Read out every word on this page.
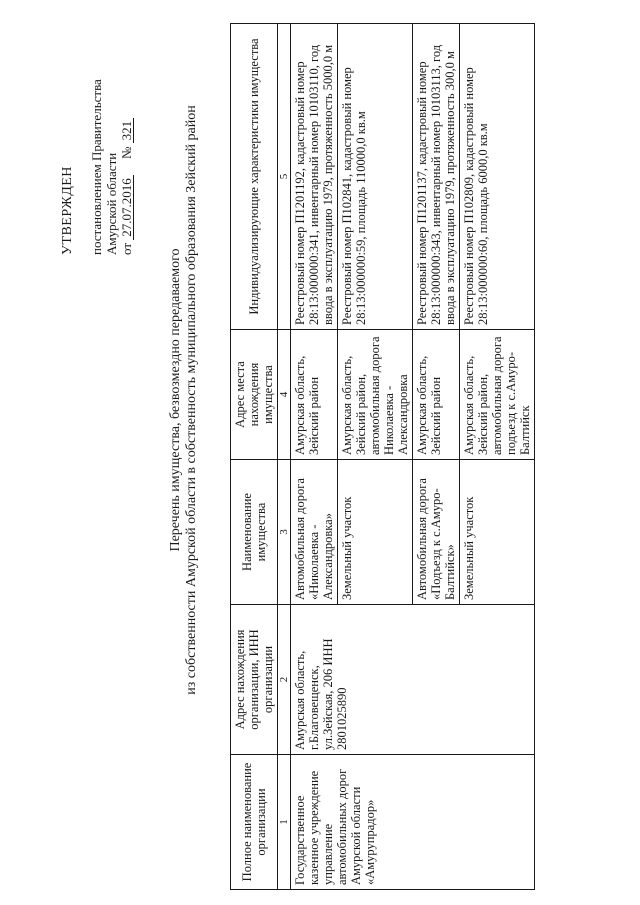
УТВЕРЖДЕН постановлением Правительства Амурской области от 27.07.2016     № 321
Перечень имущества, безвозмездно передаваемого из собственности Амурской области в собственность муниципального образования Зейский район
Полное наименование организации	Адрес нахождения организации, ИНН организации	Наименование имущества	Адрес места нахождения имущества	Индивидуализирующие характеристики имущества
1	2	3	4	5
Государственное казенное учреждение управление автомобильных дорог Амурской области «Амурупрадор»	Амурская область, г.Благовещенск, ул.Зейская, 206 ИНН 2801025890	Автомобильная дорога «Николаевка - Александровка»	Амурская область, Зейский район	Реестровый номер П1201192, кадастровый номер 28:13:000000:341, инвентарный номер 10103110, год ввода в эксплуатацию 1979, протяженность 5000,0 м
		Земельный участок	Амурская область, Зейский район, автомобильная дорога Николаевка - Александровка	Реестровый номер П102841, кадастровый номер 28:13:000000:59, площадь 110000,0 кв.м
		Автомобильная дорога «Подъезд к с.Амуро-Балтийск»	Амурская область, Зейский район	Реестровый номер П1201137, кадастровый номер 28:13:000000:343, инвентарный номер 10103113, год ввода в эксплуатацию 1979, протяженность 300,0 м
		Земельный участок	Амурская область, Зейский район, автомобильная дорога подъезд к с.Амуро-Балтийск	Реестровый номер П102809, кадастровый номер 28:13:000000:60, площадь 6000,0 кв.м
